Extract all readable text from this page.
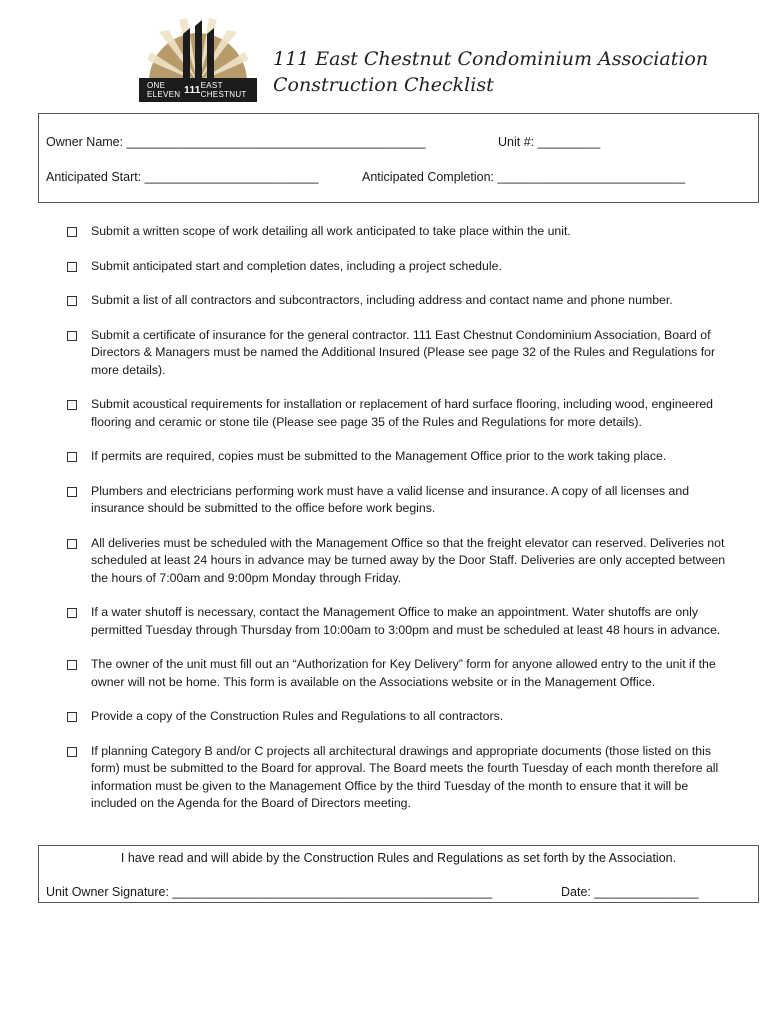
ONE ELEVEN 111 EAST CHESTNUT
111 East Chestnut Condominium Association
Construction Checklist
Owner Name: ___________________________________________	Unit #: _________
Anticipated Start: _________________________	Anticipated Completion: ___________________________
Submit a written scope of work detailing all work anticipated to take place within the unit.
Submit anticipated start and completion dates, including a project schedule.
Submit a list of all contractors and subcontractors, including address and contact name and phone number.
Submit a certificate of insurance for the general contractor. 111 East Chestnut Condominium Association, Board of Directors & Managers must be named the Additional Insured (Please see page 32 of the Rules and Regulations for more details).
Submit acoustical requirements for installation or replacement of hard surface flooring, including wood, engineered flooring and ceramic or stone tile (Please see page 35 of the Rules and Regulations for more details).
If permits are required, copies must be submitted to the Management Office prior to the work taking place.
Plumbers and electricians performing work must have a valid license and insurance. A copy of all licenses and insurance should be submitted to the office before work begins.
All deliveries must be scheduled with the Management Office so that the freight elevator can reserved. Deliveries not scheduled at least 24 hours in advance may be turned away by the Door Staff. Deliveries are only accepted between the hours of 7:00am and 9:00pm Monday through Friday.
If a water shutoff is necessary, contact the Management Office to make an appointment. Water shutoffs are only permitted Tuesday through Thursday from 10:00am to 3:00pm and must be scheduled at least 48 hours in advance.
The owner of the unit must fill out an “Authorization for Key Delivery” form for anyone allowed entry to the unit if the owner will not be home. This form is available on the Associations website or in the Management Office.
Provide a copy of the Construction Rules and Regulations to all contractors.
If planning Category B and/or C projects all architectural drawings and appropriate documents (those listed on this form) must be submitted to the Board for approval. The Board meets the fourth Tuesday of each month therefore all information must be given to the Management Office by the third Tuesday of the month to ensure that it will be included on the Agenda for the Board of Directors meeting.
I have read and will abide by the Construction Rules and Regulations as set forth by the Association.
Unit Owner Signature: ______________________________________________	Date: _______________
